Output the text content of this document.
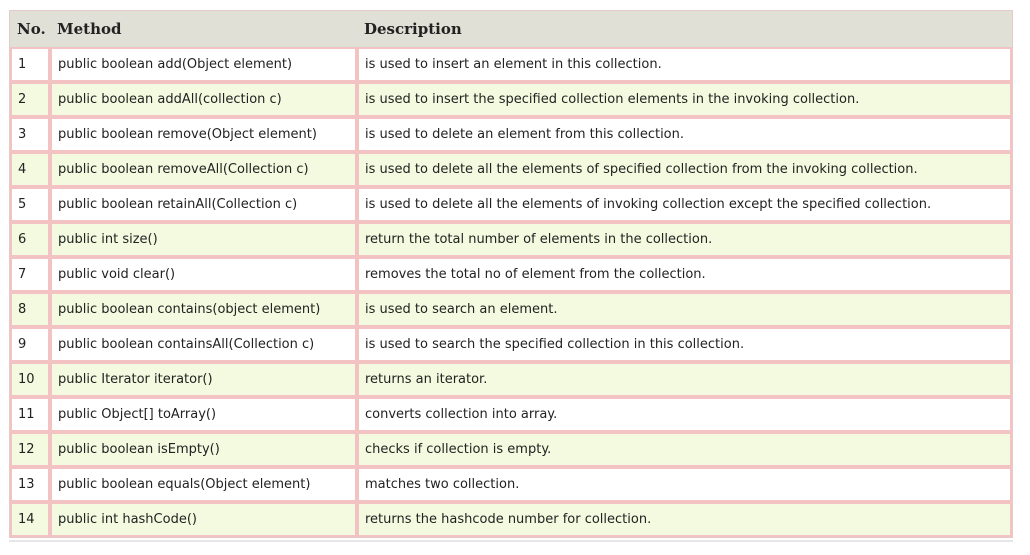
No.	Method	Description
1	public boolean add(Object element)	is used to insert an element in this collection.
2	public boolean addAll(collection c)	is used to insert the specified collection elements in the invoking collection.
3	public boolean remove(Object element)	is used to delete an element from this collection.
4	public boolean removeAll(Collection c)	is used to delete all the elements of specified collection from the invoking collection.
5	public boolean retainAll(Collection c)	is used to delete all the elements of invoking collection except the specified collection.
6	public int size()	return the total number of elements in the collection.
7	public void clear()	removes the total no of element from the collection.
8	public boolean contains(object element)	is used to search an element.
9	public boolean containsAll(Collection c)	is used to search the specified collection in this collection.
10	public Iterator iterator()	returns an iterator.
11	public Object[] toArray()	converts collection into array.
12	public boolean isEmpty()	checks if collection is empty.
13	public boolean equals(Object element)	matches two collection.
14	public int hashCode()	returns the hashcode number for collection.
